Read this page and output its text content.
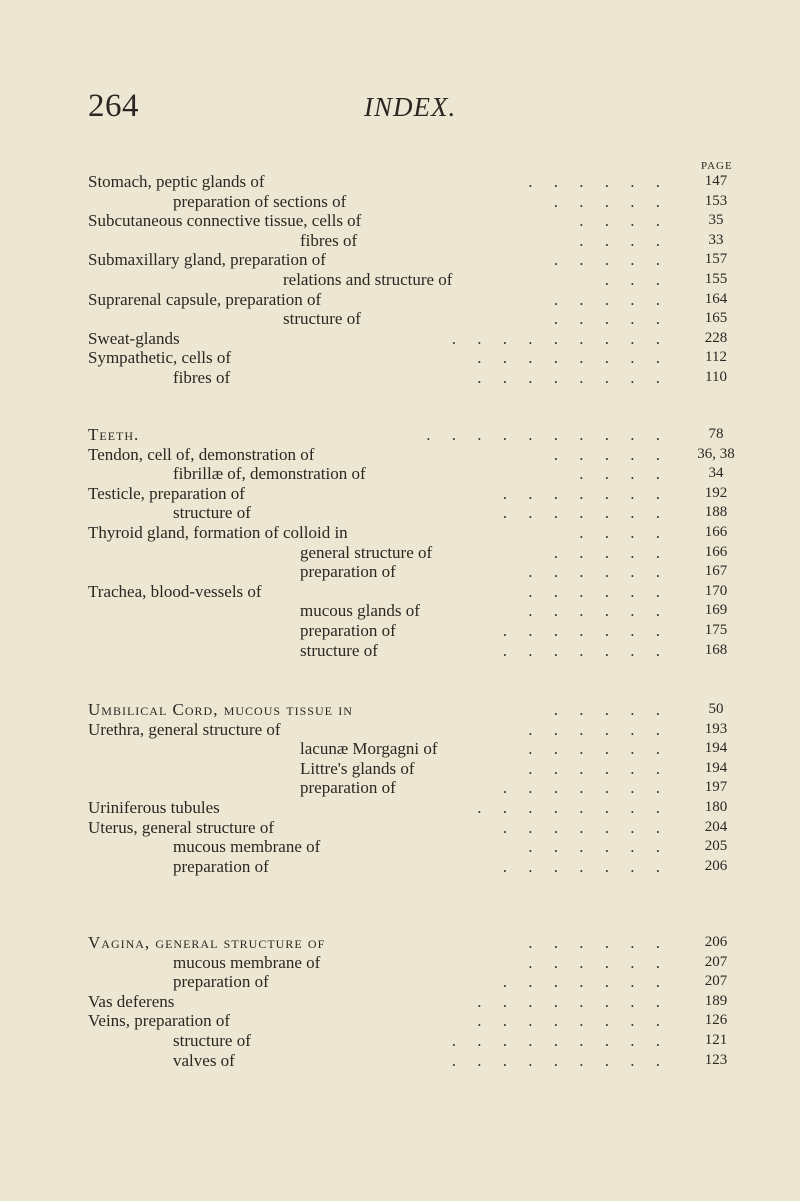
264	INDEX.
PAGE
Stomach, peptic glands of	.     .     .     .     .     .	147
preparation of sections of	.     .     .     .     .	153
Subcutaneous connective tissue, cells of	.     .     .     .	35
fibres of	.     .     .     .	33
Submaxillary gland, preparation of	.     .     .     .     .	157
relations and structure of	.     .     .	155
Suprarenal capsule, preparation of	.     .     .     .     .	164
structure of	.     .     .     .     .	165
Sweat-glands	.     .     .     .     .     .     .     .     .	228
Sympathetic, cells of	.     .     .     .     .     .     .     .	112
fibres of	.     .     .     .     .     .     .     .	110
Teeth.	.     .     .     .     .     .     .     .     .     .	78
Tendon, cell of, demonstration of	.     .     .     .     .	36, 38
fibrillæ of, demonstration of	.     .     .     .	34
Testicle, preparation of	.     .     .     .     .     .     .	192
structure of	.     .     .     .     .     .     .	188
Thyroid gland, formation of colloid in	.     .     .     .	166
general structure of	.     .     .     .     .	166
preparation of	.     .     .     .     .     .	167
Trachea, blood-vessels of	.     .     .     .     .     .	170
mucous glands of	.     .     .     .     .     .	169
preparation of	.     .     .     .     .     .     .	175
structure of	.     .     .     .     .     .     .	168
Umbilical Cord, mucous tissue in	.     .     .     .     .	50
Urethra, general structure of	.     .     .     .     .     .	193
lacunæ Morgagni of	.     .     .     .     .     .	194
Littre's glands of	.     .     .     .     .     .	194
preparation of	.     .     .     .     .     .     .	197
Uriniferous tubules	.     .     .     .     .     .     .     .	180
Uterus, general structure of	.     .     .     .     .     .     .	204
mucous membrane of	.     .     .     .     .     .	205
preparation of	.     .     .     .     .     .     .	206
Vagina, general structure of	.     .     .     .     .     .	206
mucous membrane of	.     .     .     .     .     .	207
preparation of	.     .     .     .     .     .     .	207
Vas deferens	.     .     .     .     .     .     .     .	189
Veins, preparation of	.     .     .     .     .     .     .     .	126
structure of	.     .     .     .     .     .     .     .     .	121
valves of	.     .     .     .     .     .     .     .     .	123
